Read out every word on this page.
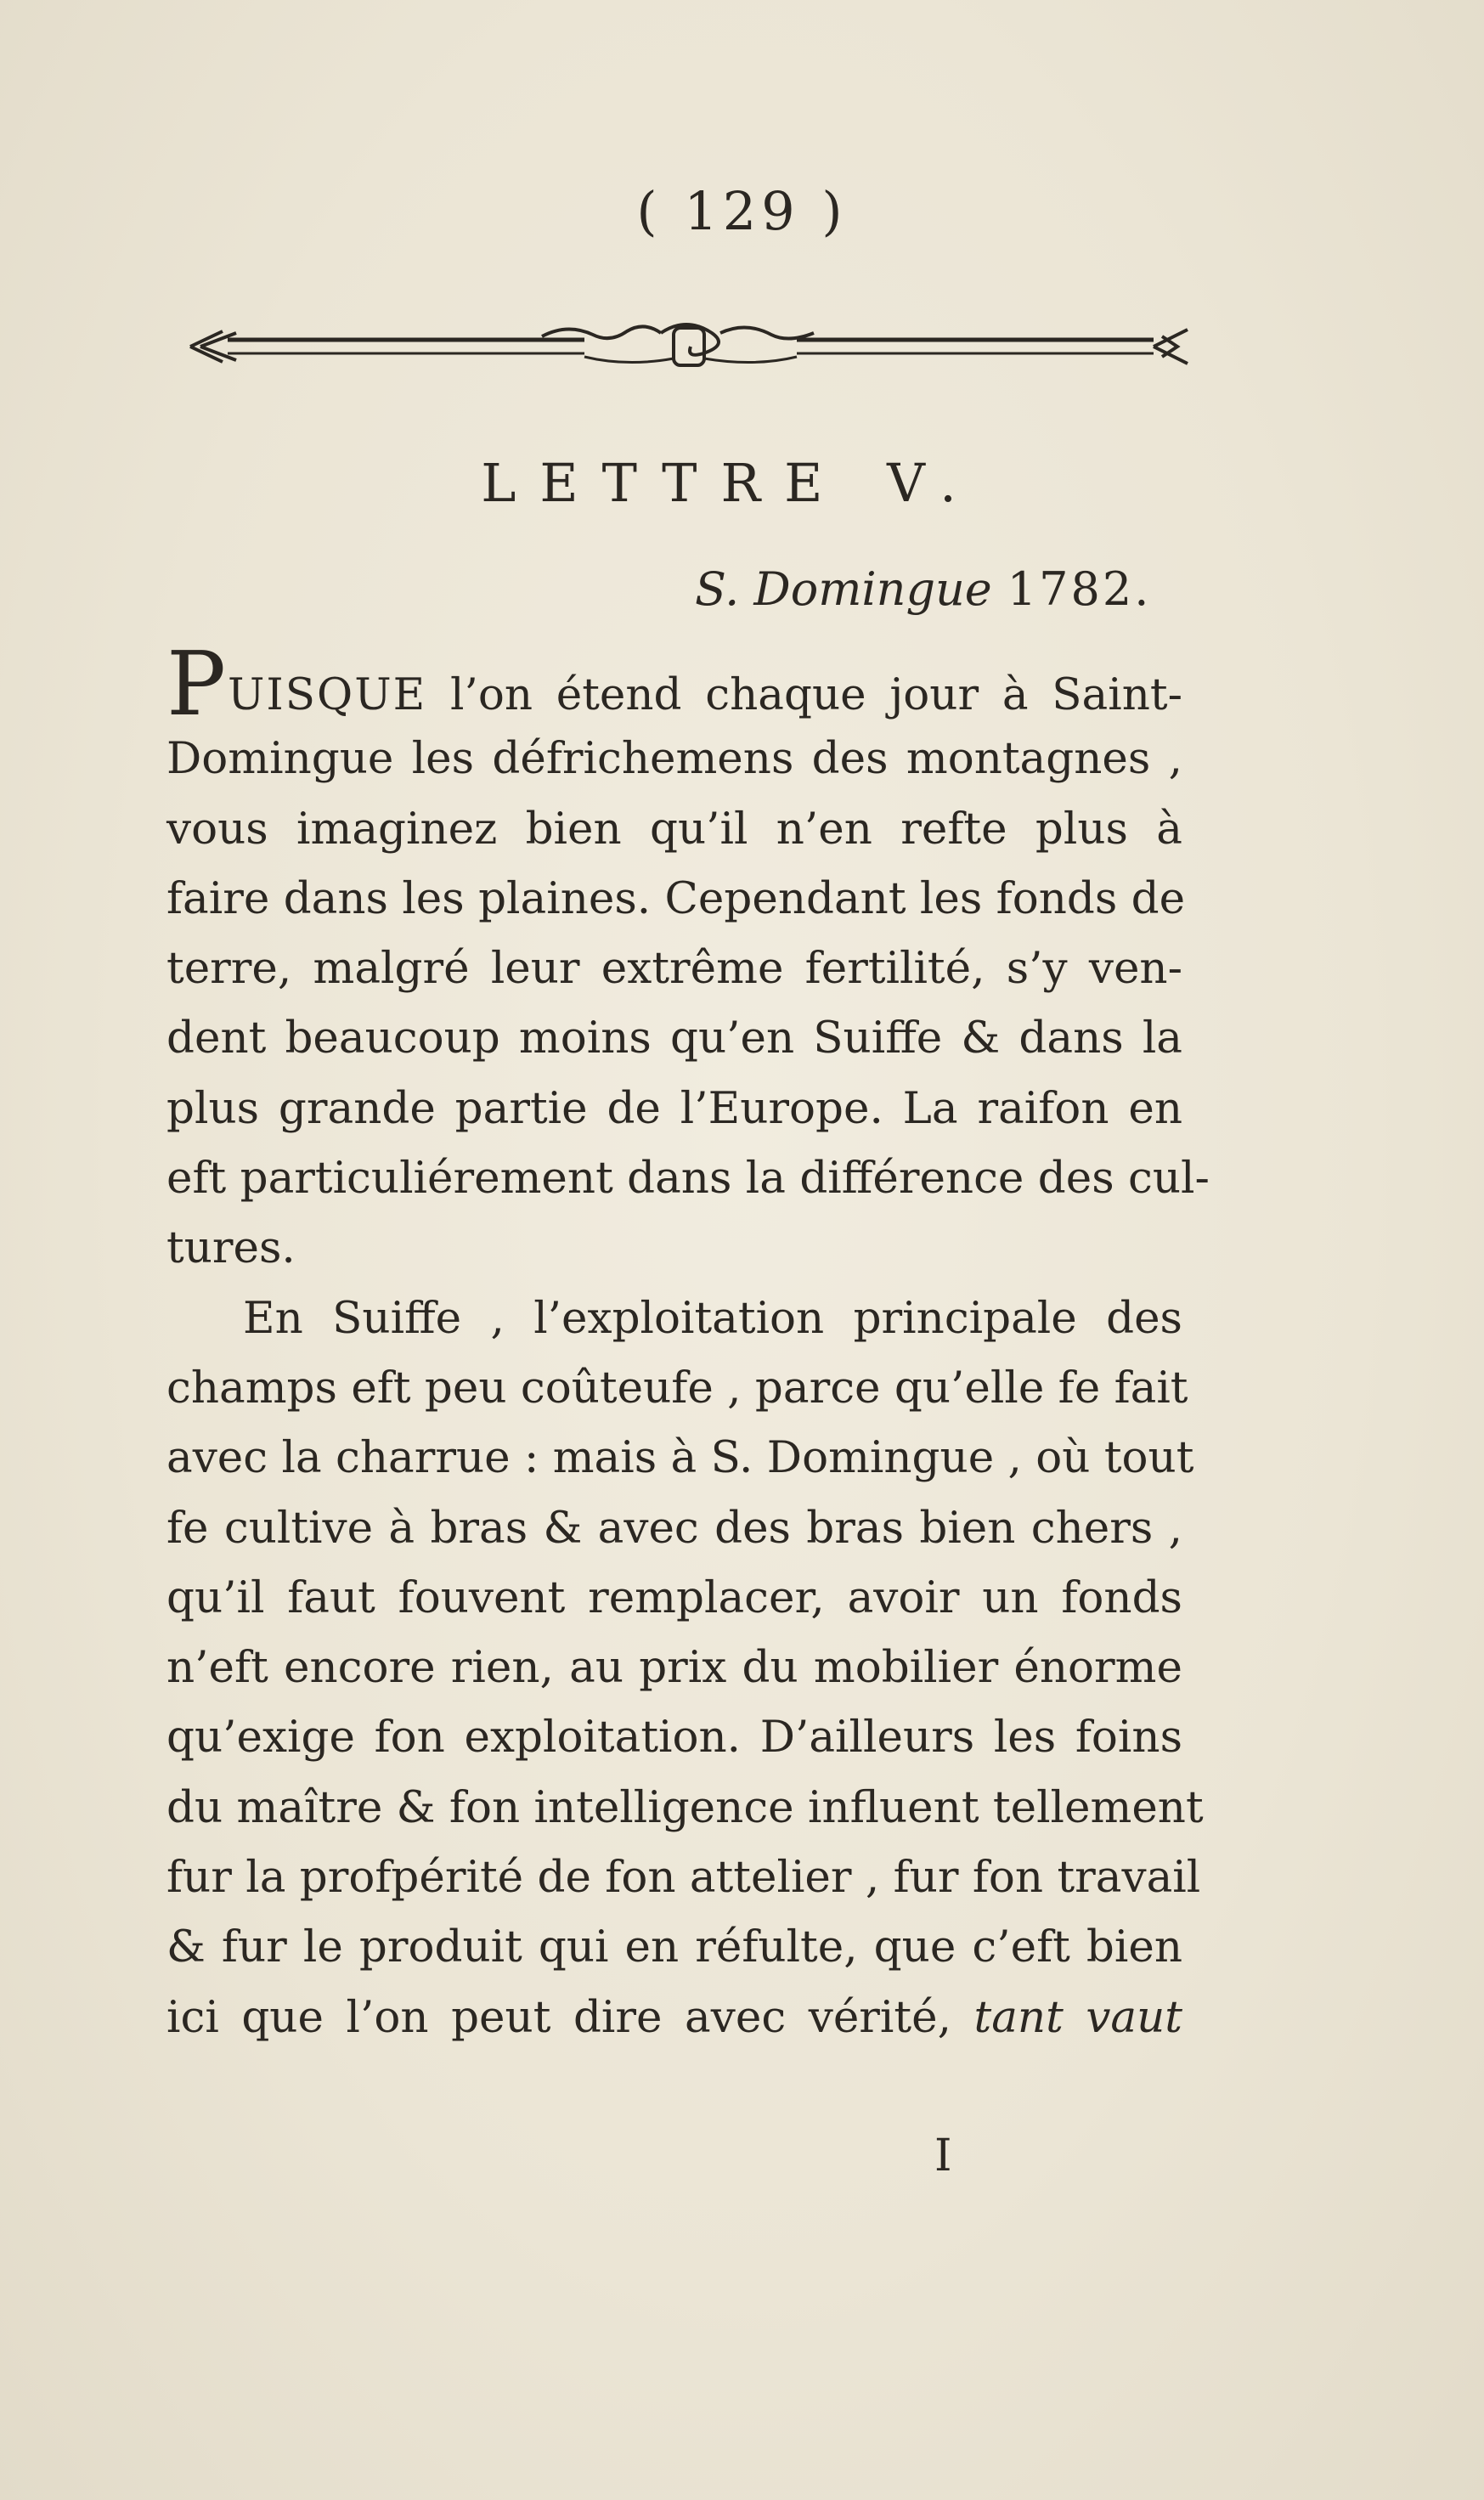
( 129 )
LETTRE V.
S. Domingue 1782.
PUISQUE l’on étend chaque jour à Saint-
Domingue les défrichemens des montagnes ,
vous imaginez bien qu’il n’en refte plus à
faire dans les plaines. Cependant les fonds de
terre, malgré leur extrême fertilité, s’y ven-
dent beaucoup moins qu’en Suiffe & dans la
plus grande partie de l’Europe. La raifon en
eft particuliérement dans la différence des cul-
tures.
En Suiffe , l’exploitation principale des
champs eft peu coûteufe , parce qu’elle fe fait
avec la charrue : mais à S. Domingue , où tout
fe cultive à bras & avec des bras bien chers ,
qu’il faut fouvent remplacer, avoir un fonds
n’eft encore rien, au prix du mobilier énorme
qu’exige fon exploitation. D’ailleurs les foins
du maître & fon intelligence influent tellement
fur la profpérité de fon attelier , fur fon travail
& fur le produit qui en réfulte, que c’eft bien
ici que l’on peut dire avec vérité, tant vaut
I
